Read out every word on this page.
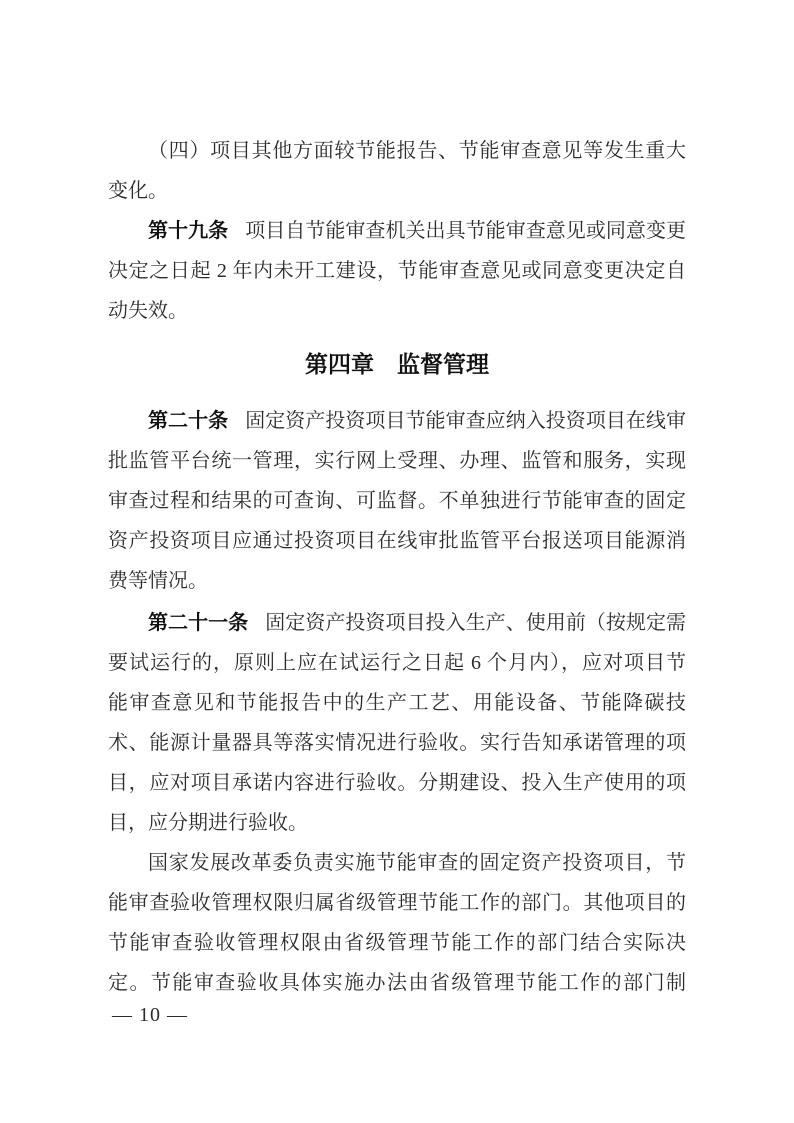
（四）项目其他方面较节能报告、节能审查意见等发生重大
变化。
第十九条 项目自节能审查机关出具节能审查意见或同意变更
决定之日起 2 年内未开工建设，节能审查意见或同意变更决定自
动失效。
第四章　监督管理
第二十条 固定资产投资项目节能审查应纳入投资项目在线审
批监管平台统一管理，实行网上受理、办理、监管和服务，实现
审查过程和结果的可查询、可监督。不单独进行节能审查的固定
资产投资项目应通过投资项目在线审批监管平台报送项目能源消
费等情况。
第二十一条 固定资产投资项目投入生产、使用前（按规定需
要试运行的，原则上应在试运行之日起 6 个月内），应对项目节
能审查意见和节能报告中的生产工艺、用能设备、节能降碳技
术、能源计量器具等落实情况进行验收。实行告知承诺管理的项
目，应对项目承诺内容进行验收。分期建设、投入生产使用的项
目，应分期进行验收。
国家发展改革委负责实施节能审查的固定资产投资项目，节
能审查验收管理权限归属省级管理节能工作的部门。其他项目的
节能审查验收管理权限由省级管理节能工作的部门结合实际决
定。节能审查验收具体实施办法由省级管理节能工作的部门制
— 10 —
